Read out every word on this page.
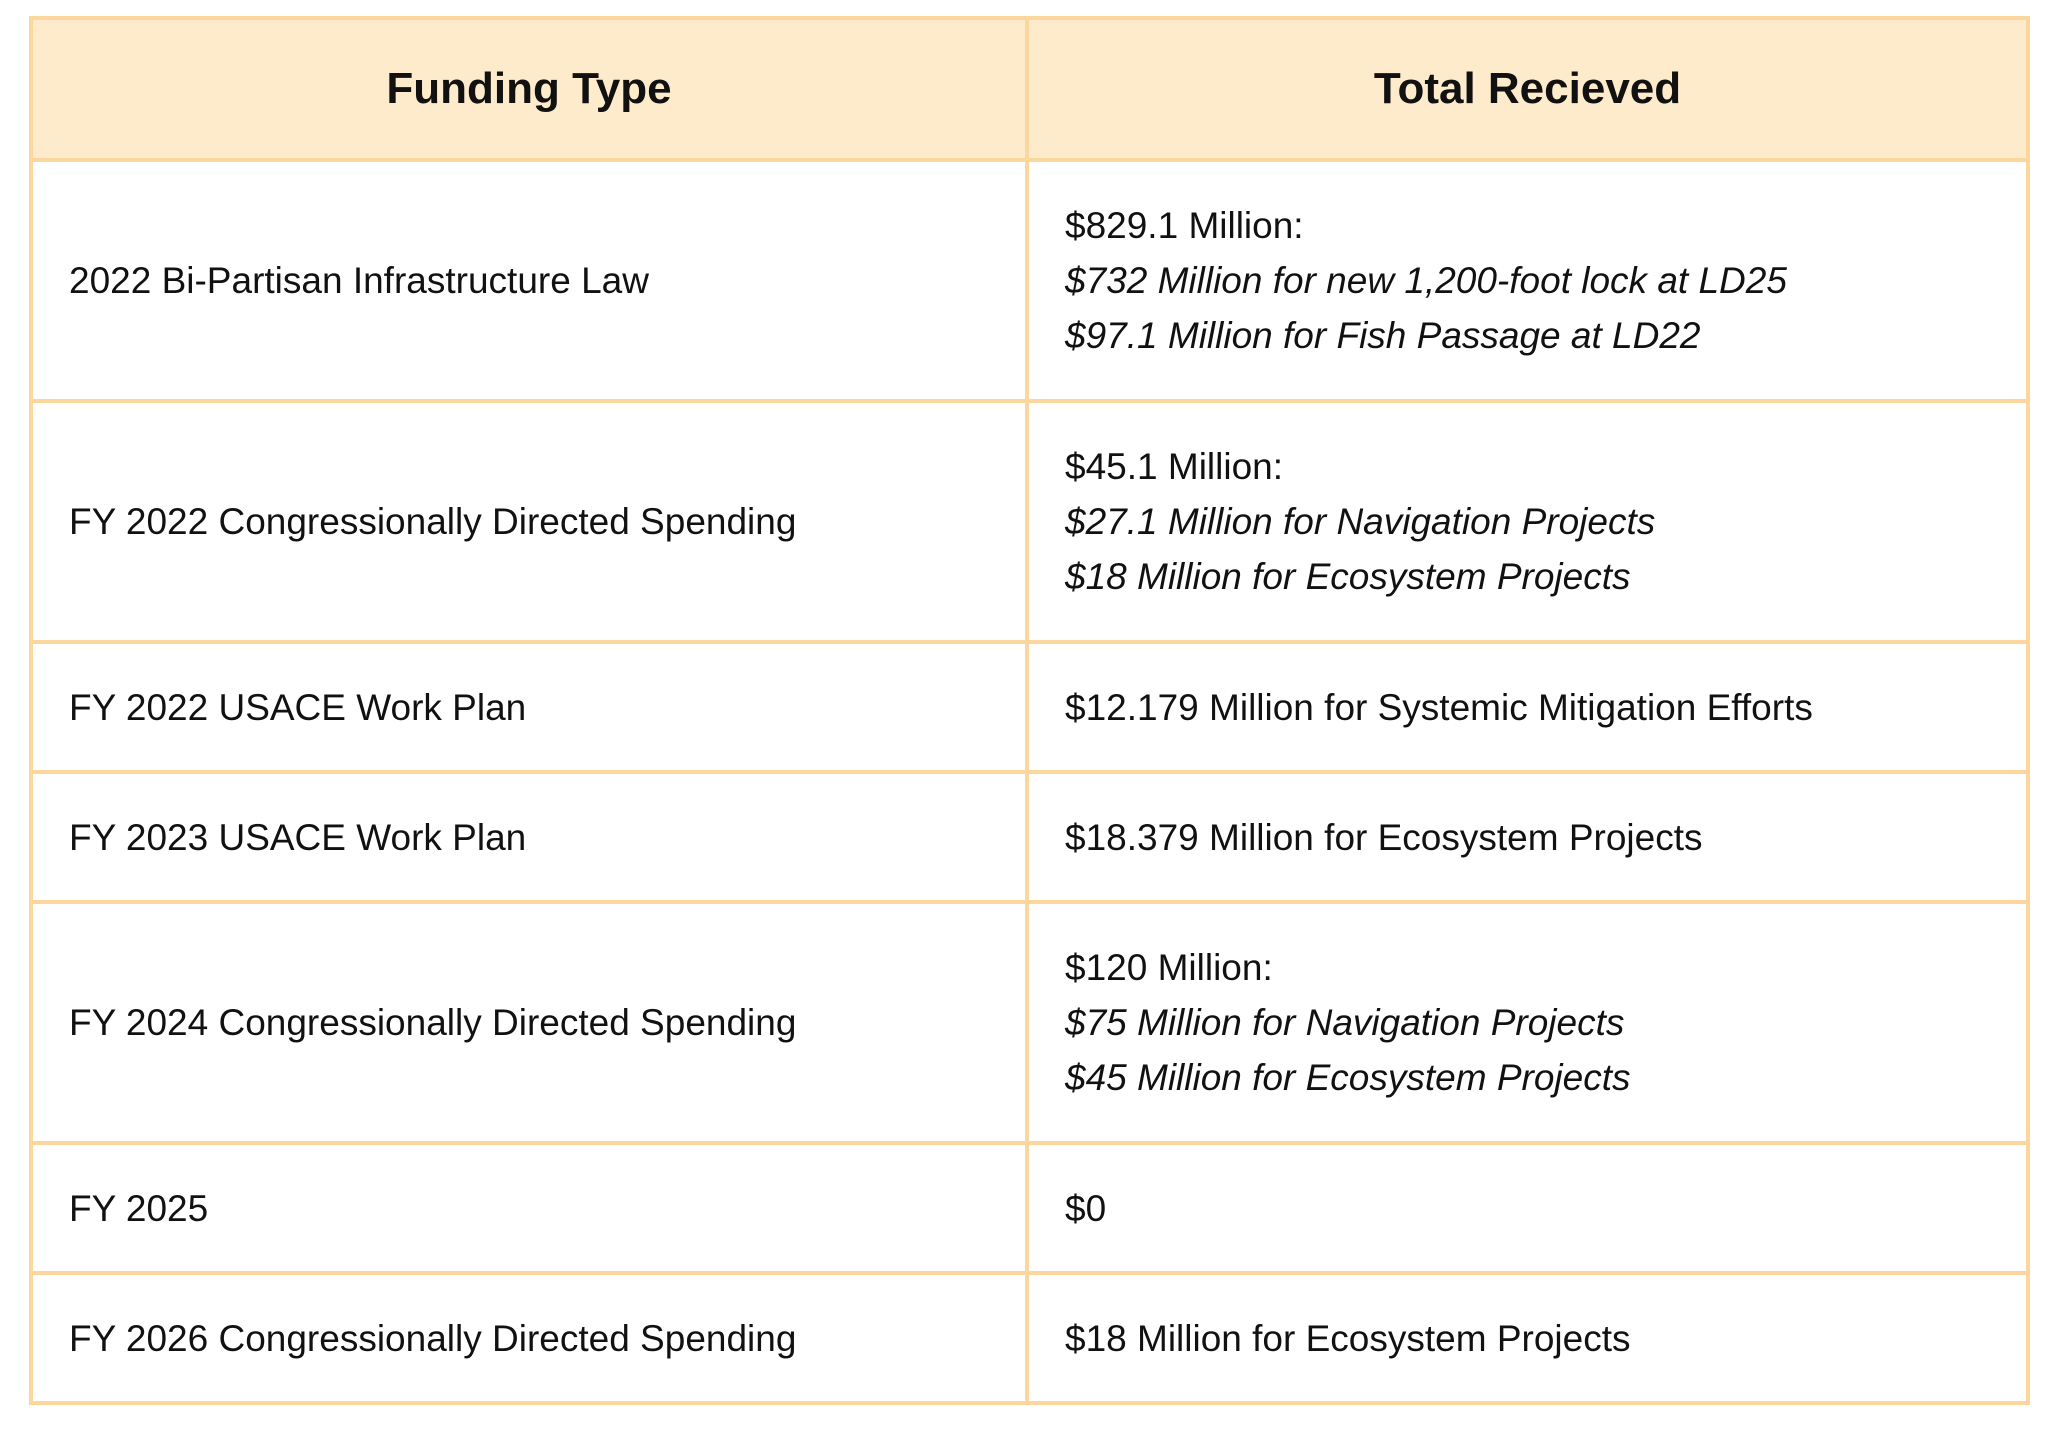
Funding Type	Total Recieved
2022 Bi-Partisan Infrastructure Law	$829.1 Million:
$732 Million for new 1,200-foot lock at LD25
$97.1 Million for Fish Passage at LD22

FY 2022 Congressionally Directed Spending	$45.1 Million:
$27.1 Million for Navigation Projects
$18 Million for Ecosystem Projects

FY 2022 USACE Work Plan	$12.179 Million for Systemic Mitigation Efforts

FY 2023 USACE Work Plan	$18.379 Million for Ecosystem Projects

FY 2024 Congressionally Directed Spending	$120 Million:
$75 Million for Navigation Projects
$45 Million for Ecosystem Projects

FY 2025	$0

FY 2026 Congressionally Directed Spending	$18 Million for Ecosystem Projects
